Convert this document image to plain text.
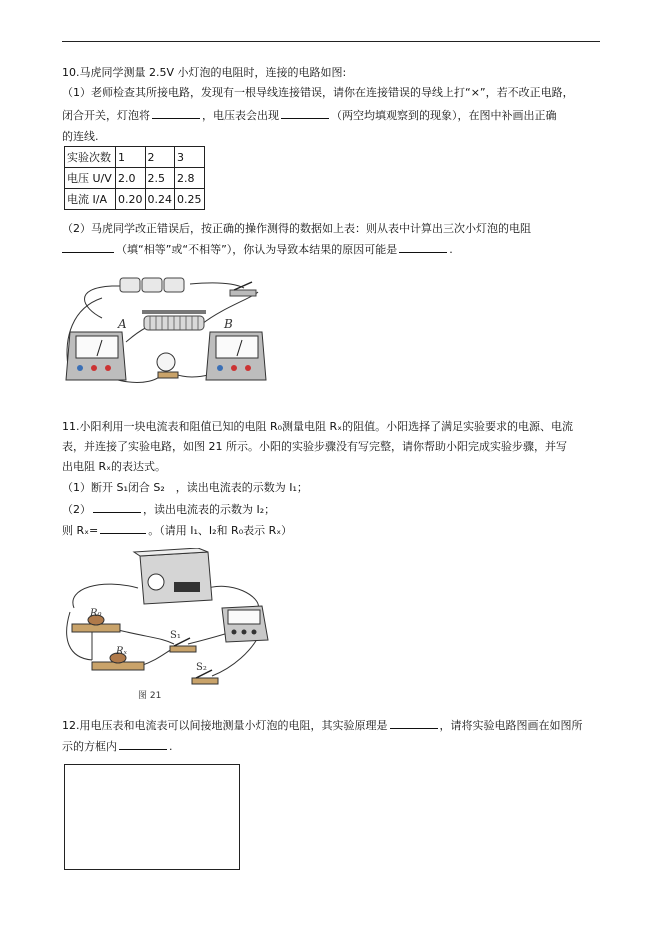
10.马虎同学测量 2.5V 小灯泡的电阻时，连接的电路如图:
（1）老师检查其所接电路，发现有一根导线连接错误，请你在连接错误的导线上打“×”，若不改正电路，
闭合开关，灯泡将	，电压表会出现	（两空均填观察到的现象），在图中补画出正确
的连线.
实验次数	1	2	3
电压 U/V	2.0	2.5	2.8
电流 I/A	0.20	0.24	0.25
（2）马虎同学改正错误后，按正确的操作测得的数据如上表：则从表中计算出三次小灯泡的电阻
（填“相等”或“不相等”），你认为导致本结果的原因可能是	.
A	B
11.小阳利用一块电流表和阻值已知的电阻 R₀测量电阻 Rₓ的阻值。小阳选择了满足实验要求的电源、电流
表，并连接了实验电路，如图 21 所示。小阳的实验步骤没有写完整，请你帮助小阳完成实验步骤，并写
出电阻 Rₓ的表达式。
（1）断开 S₁闭合 S₂　，读出电流表的示数为 I₁；
（2）	，读出电流表的示数为 I₂；
则 Rₓ=	。（请用 I₁、I₂和 R₀表示 Rₓ）
R₀
Rₓ
S₁
S₂
图 21
12.用电压表和电流表可以间接地测量小灯泡的电阻，其实验原理是	，请将实验电路图画在如图所
示的方框内	.
